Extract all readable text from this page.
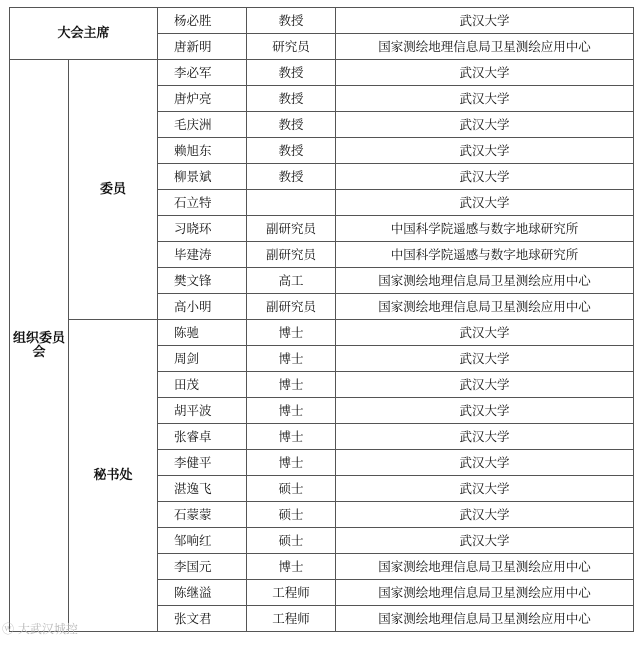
大会主席		杨必胜	教授	武汉大学
		唐新明	研究员	国家测绘地理信息局卫星测绘应用中心
组织委员会	委员	李必军	教授	武汉大学
		唐炉亮	教授	武汉大学
		毛庆洲	教授	武汉大学
		赖旭东	教授	武汉大学
		柳景斌	教授	武汉大学
		石立特		武汉大学
		习晓环	副研究员	中国科学院遥感与数字地球研究所
		毕建涛	副研究员	中国科学院遥感与数字地球研究所
		樊文锋	高工	国家测绘地理信息局卫星测绘应用中心
		高小明	副研究员	国家测绘地理信息局卫星测绘应用中心
	秘书处	陈驰	博士	武汉大学
		周剑	博士	武汉大学
		田茂	博士	武汉大学
		胡平波	博士	武汉大学
		张睿卓	博士	武汉大学
		李健平	博士	武汉大学
		湛逸飞	硕士	武汉大学
		石蒙蒙	硕士	武汉大学
		邹响红	硕士	武汉大学
		李国元	博士	国家测绘地理信息局卫星测绘应用中心
		陈继溢	工程师	国家测绘地理信息局卫星测绘应用中心
		张文君	工程师	国家测绘地理信息局卫星测绘应用中心
ⓦ 大武汉城控
